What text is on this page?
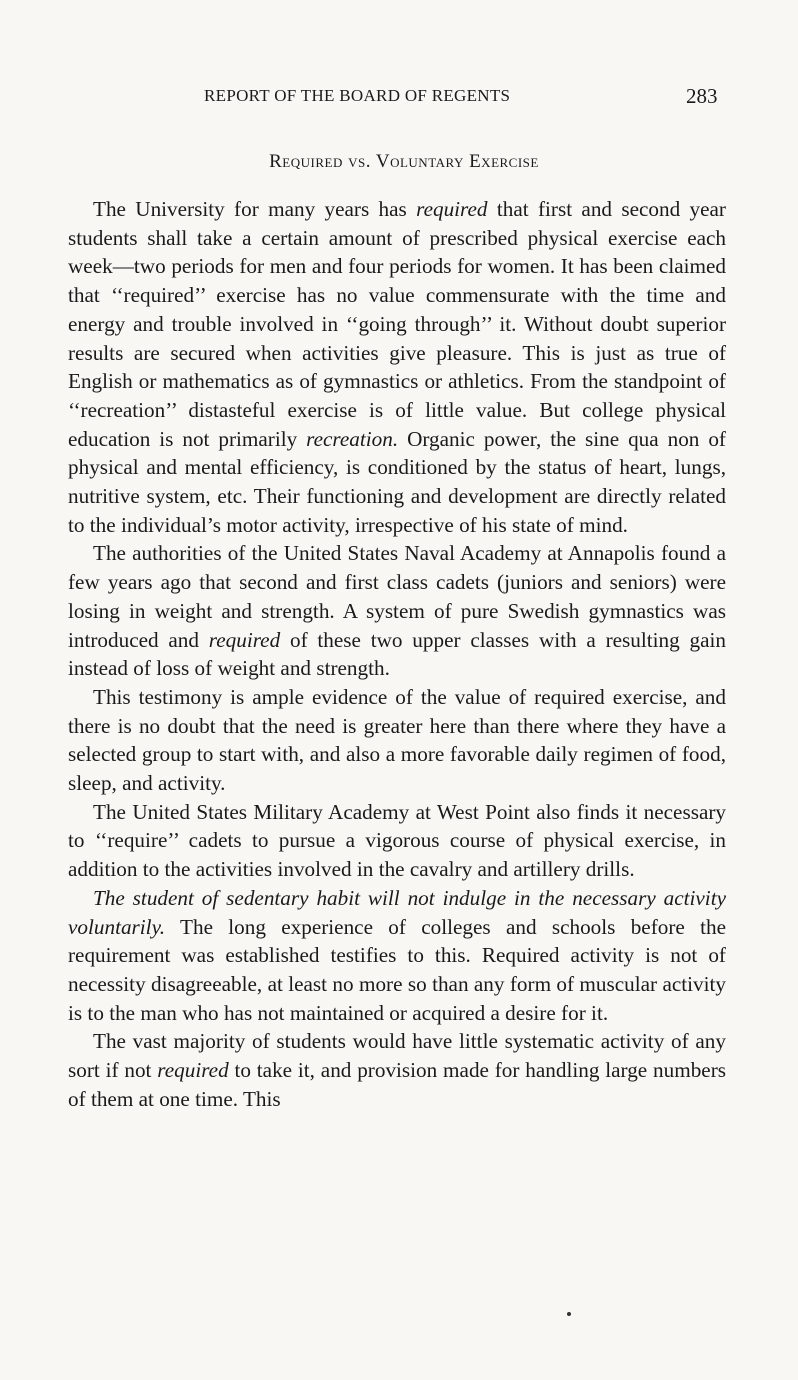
REPORT OF THE BOARD OF REGENTS	283
Required vs. Voluntary Exercise

The University for many years has required that first and second year students shall take a certain amount of prescribed physical exercise each week—two periods for men and four periods for women. It has been claimed that ‘‘required’’ exercise has no value commensurate with the time and energy and trouble involved in ‘‘going through’’ it. Without doubt superior results are secured when activities give pleasure. This is just as true of English or mathematics as of gymnastics or athletics. From the standpoint of ‘‘recreation’’ distasteful exercise is of little value. But college physical education is not primarily recreation. Organic power, the sine qua non of physical and mental efficiency, is conditioned by the status of heart, lungs, nutritive system, etc. Their functioning and development are directly related to the individual’s motor activity, irrespective of his state of mind.

The authorities of the United States Naval Academy at Annapolis found a few years ago that second and first class cadets (juniors and seniors) were losing in weight and strength. A system of pure Swedish gymnastics was introduced and required of these two upper classes with a resulting gain instead of loss of weight and strength.

This testimony is ample evidence of the value of required exercise, and there is no doubt that the need is greater here than there where they have a selected group to start with, and also a more favorable daily regimen of food, sleep, and activity.

The United States Military Academy at West Point also finds it necessary to ‘‘require’’ cadets to pursue a vigorous course of physical exercise, in addition to the activities involved in the cavalry and artillery drills.

The student of sedentary habit will not indulge in the necessary activity voluntarily. The long experience of colleges and schools before the requirement was established testifies to this. Required activity is not of necessity disagreeable, at least no more so than any form of muscular activity is to the man who has not maintained or acquired a desire for it.

The vast majority of students would have little systematic activity of any sort if not required to take it, and provision made for handling large numbers of them at one time. This
